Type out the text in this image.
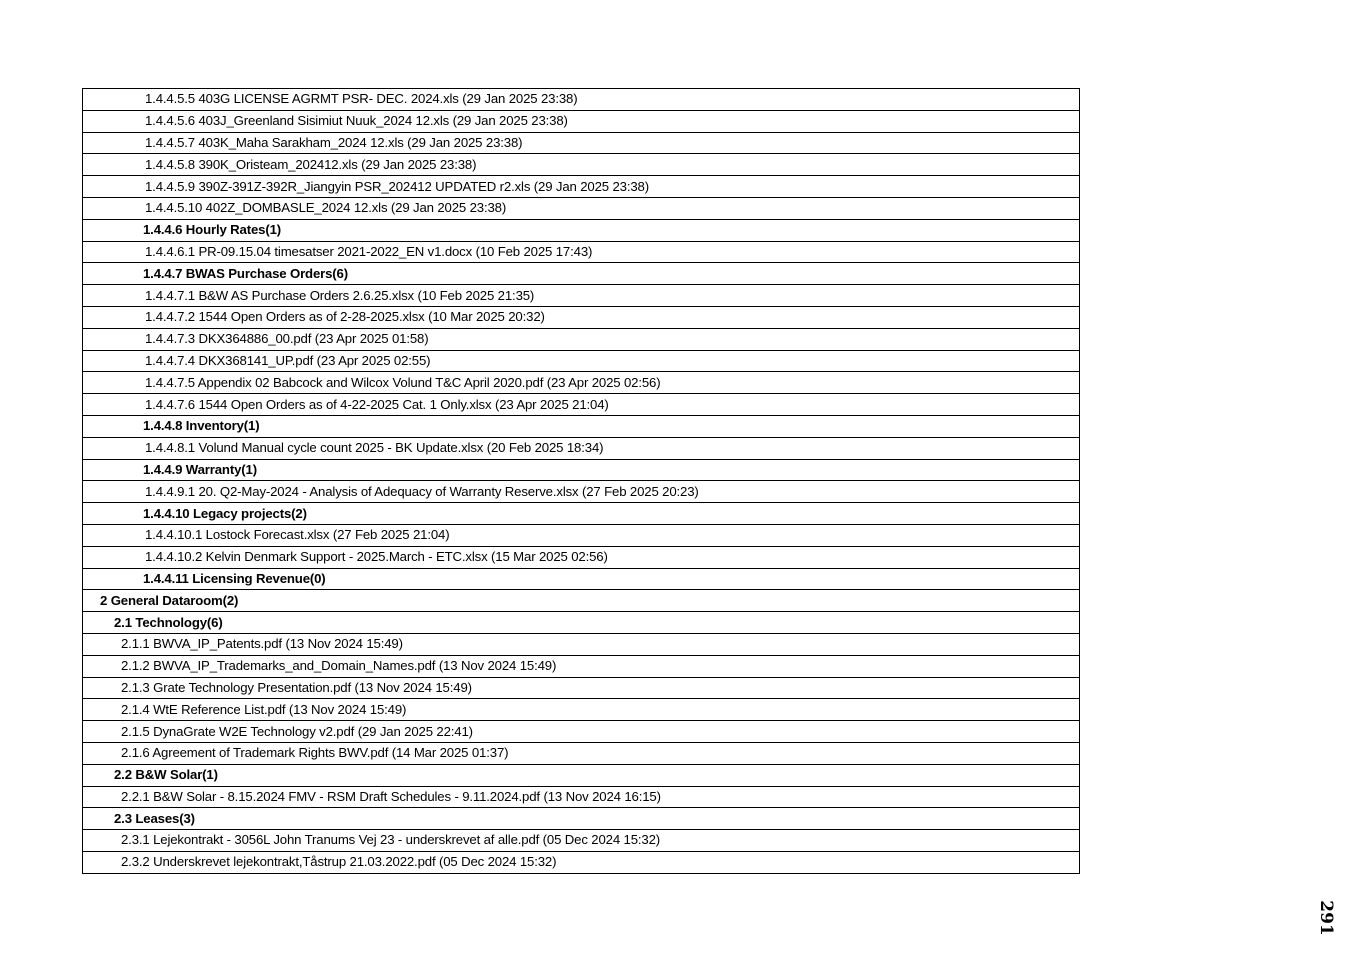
1.4.4.5.5 403G LICENSE AGRMT PSR- DEC. 2024.xls (29 Jan 2025 23:38)
1.4.4.5.6 403J_Greenland Sisimiut Nuuk_2024 12.xls (29 Jan 2025 23:38)
1.4.4.5.7 403K_Maha Sarakham_2024 12.xls (29 Jan 2025 23:38)
1.4.4.5.8 390K_Oristeam_202412.xls (29 Jan 2025 23:38)
1.4.4.5.9 390Z-391Z-392R_Jiangyin PSR_202412 UPDATED r2.xls (29 Jan 2025 23:38)
1.4.4.5.10 402Z_DOMBASLE_2024 12.xls (29 Jan 2025 23:38)
1.4.4.6 Hourly Rates(1)
1.4.4.6.1 PR-09.15.04 timesatser 2021-2022_EN v1.docx (10 Feb 2025 17:43)
1.4.4.7 BWAS Purchase Orders(6)
1.4.4.7.1 B&W AS Purchase Orders 2.6.25.xlsx (10 Feb 2025 21:35)
1.4.4.7.2 1544 Open Orders as of 2-28-2025.xlsx (10 Mar 2025 20:32)
1.4.4.7.3 DKX364886_00.pdf (23 Apr 2025 01:58)
1.4.4.7.4 DKX368141_UP.pdf (23 Apr 2025 02:55)
1.4.4.7.5 Appendix 02 Babcock and Wilcox Volund T&C April 2020.pdf (23 Apr 2025 02:56)
1.4.4.7.6 1544 Open Orders as of 4-22-2025 Cat. 1 Only.xlsx (23 Apr 2025 21:04)
1.4.4.8 Inventory(1)
1.4.4.8.1 Volund Manual cycle count 2025 - BK Update.xlsx (20 Feb 2025 18:34)
1.4.4.9 Warranty(1)
1.4.4.9.1 20. Q2-May-2024 - Analysis of Adequacy of Warranty Reserve.xlsx (27 Feb 2025 20:23)
1.4.4.10 Legacy projects(2)
1.4.4.10.1 Lostock Forecast.xlsx (27 Feb 2025 21:04)
1.4.4.10.2 Kelvin Denmark Support - 2025.March - ETC.xlsx (15 Mar 2025 02:56)
1.4.4.11 Licensing Revenue(0)
2 General Dataroom(2)
2.1 Technology(6)
2.1.1 BWVA_IP_Patents.pdf (13 Nov 2024 15:49)
2.1.2 BWVA_IP_Trademarks_and_Domain_Names.pdf (13 Nov 2024 15:49)
2.1.3 Grate Technology Presentation.pdf (13 Nov 2024 15:49)
2.1.4 WtE Reference List.pdf (13 Nov 2024 15:49)
2.1.5 DynaGrate W2E Technology v2.pdf (29 Jan 2025 22:41)
2.1.6 Agreement of Trademark Rights BWV.pdf (14 Mar 2025 01:37)
2.2 B&W Solar(1)
2.2.1 B&W Solar - 8.15.2024 FMV - RSM Draft Schedules - 9.11.2024.pdf (13 Nov 2024 16:15)
2.3 Leases(3)
2.3.1 Lejekontrakt - 3056L John Tranums Vej 23 - underskrevet af alle.pdf (05 Dec 2024 15:32)
2.3.2 Underskrevet lejekontrakt,Tåstrup 21.03.2022.pdf (05 Dec 2024 15:32)
291
